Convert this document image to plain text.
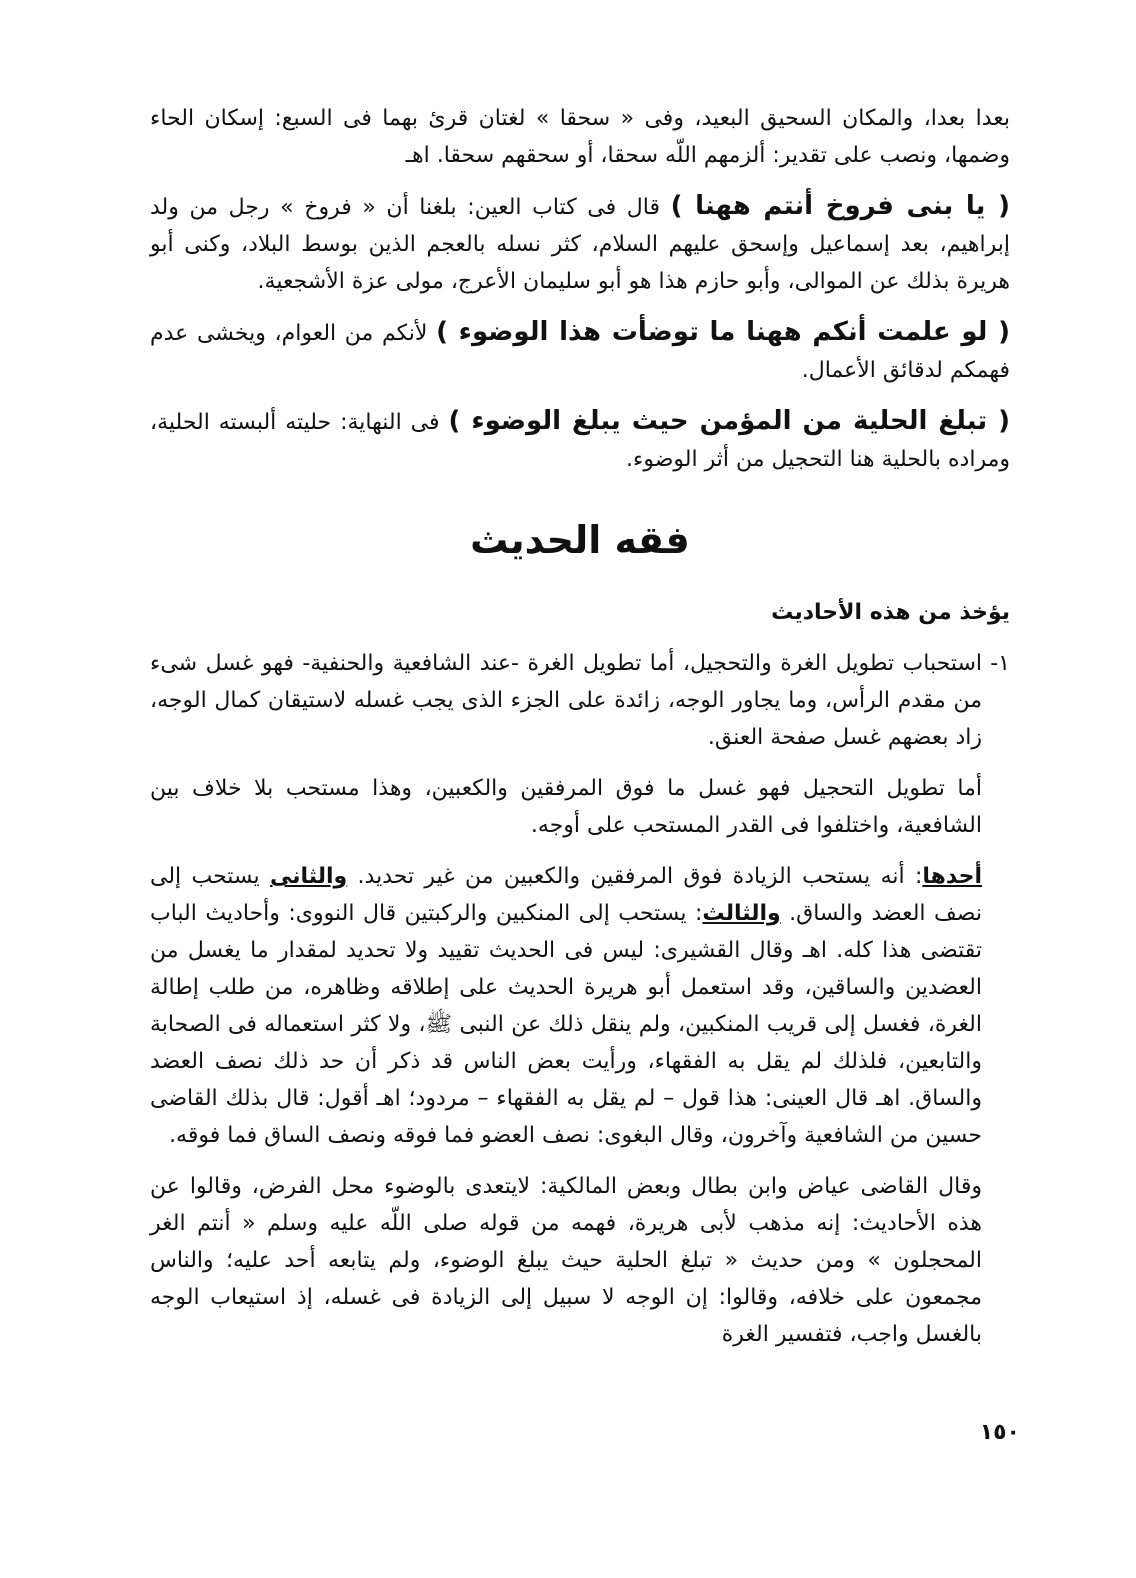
بعدا بعدا، والمكان السحيق البعيد، وفى « سحقا » لغتان قرئ بهما فى السبع: إسكان الحاء وضمها، ونصب على تقدير: ألزمهم اللّه سحقا، أو سحقهم سحقا. اهـ

( يا بنى فروخ أنتم ههنا ) قال فى كتاب العين: بلغنا أن « فروخ » رجل من ولد إبراهيم، بعد إسماعيل وإسحق عليهم السلام، كثر نسله بالعجم الذين بوسط البلاد، وكنى أبو هريرة بذلك عن الموالى، وأبو حازم هذا هو أبو سليمان الأعرج، مولى عزة الأشجعية.

( لو علمت أنكم ههنا ما توضأت هذا الوضوء ) لأنكم من العوام، ويخشى عدم فهمكم لدقائق الأعمال.

( تبلغ الحلية من المؤمن حيث يبلغ الوضوء ) فى النهاية: حليته ألبسته الحلية، ومراده بالحلية هنا التحجيل من أثر الوضوء.

فقه الحديث
يؤخذ من هذه الأحاديث
١-

استحباب تطويل الغرة والتحجيل، أما تطويل الغرة -عند الشافعية والحنفية- فهو غسل شىء من مقدم الرأس، وما يجاور الوجه، زائدة على الجزء الذى يجب غسله لاستيقان كمال الوجه، زاد بعضهم غسل صفحة العنق.

أما تطويل التحجيل فهو غسل ما فوق المرفقين والكعبين، وهذا مستحب بلا خلاف بين الشافعية، واختلفوا فى القدر المستحب على أوجه.

أحدها: أنه يستحب الزيادة فوق المرفقين والكعبين من غير تحديد. والثانى يستحب إلى نصف العضد والساق. والثالث: يستحب إلى المنكبين والركبتين قال النووى: وأحاديث الباب تقتضى هذا كله. اهـ وقال القشيرى: ليس فى الحديث تقييد ولا تحديد لمقدار ما يغسل من العضدين والساقين، وقد استعمل أبو هريرة الحديث على إطلاقه وظاهره، من طلب إطالة الغرة، فغسل إلى قريب المنكبين، ولم ينقل ذلك عن النبى ﷺ، ولا كثر استعماله فى الصحابة والتابعين، فلذلك لم يقل به الفقهاء، ورأيت بعض الناس قد ذكر أن حد ذلك نصف العضد والساق. اهـ قال العينى: هذا قول – لم يقل به الفقهاء – مردود؛ اهـ أقول: قال بذلك القاضى حسين من الشافعية وآخرون، وقال البغوى: نصف العضو فما فوقه ونصف الساق فما فوقه.

وقال القاضى عياض وابن بطال وبعض المالكية: لايتعدى بالوضوء محل الفرض، وقالوا عن هذه الأحاديث: إنه مذهب لأبى هريرة، فهمه من قوله صلى اللّه عليه وسلم « أنتم الغر المحجلون » ومن حديث « تبلغ الحلية حيث يبلغ الوضوء، ولم يتابعه أحد عليه؛ والناس مجمعون على خلافه، وقالوا: إن الوجه لا سبيل إلى الزيادة فى غسله، إذ استيعاب الوجه بالغسل واجب، فتفسير الغرة

١٥٠
